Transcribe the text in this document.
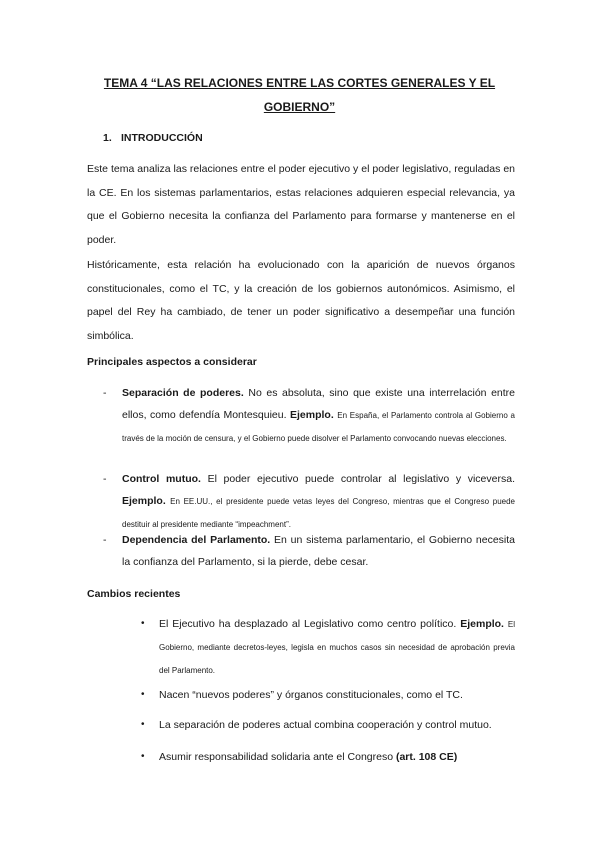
TEMA 4 “LAS RELACIONES ENTRE LAS CORTES GENERALES Y EL
GOBIERNO”
1. INTRODUCCIÓN
Este tema analiza las relaciones entre el poder ejecutivo y el poder legislativo, reguladas en la CE. En los sistemas parlamentarios, estas relaciones adquieren especial relevancia, ya que el Gobierno necesita la confianza del Parlamento para formarse y mantenerse en el poder.
Históricamente, esta relación ha evolucionado con la aparición de nuevos órganos constitucionales, como el TC, y la creación de los gobiernos autonómicos. Asimismo, el papel del Rey ha cambiado, de tener un poder significativo a desempeñar una función simbólica.
Principales aspectos a considerar
- Separación de poderes. No es absoluta, sino que existe una interrelación entre ellos, como defendía Montesquieu. Ejemplo. En España, el Parlamento controla al Gobierno a través de la moción de censura, y el Gobierno puede disolver el Parlamento convocando nuevas elecciones.
- Control mutuo. El poder ejecutivo puede controlar al legislativo y viceversa. Ejemplo. En EE.UU., el presidente puede vetas leyes del Congreso, mientras que el Congreso puede destituir al presidente mediante “impeachment”.
- Dependencia del Parlamento. En un sistema parlamentario, el Gobierno necesita la confianza del Parlamento, si la pierde, debe cesar.
Cambios recientes
• El Ejecutivo ha desplazado al Legislativo como centro político. Ejemplo. El Gobierno, mediante decretos-leyes, legisla en muchos casos sin necesidad de aprobación previa del Parlamento.
• Nacen “nuevos poderes” y órganos constitucionales, como el TC.
• La separación de poderes actual combina cooperación y control mutuo.
• Asumir responsabilidad solidaria ante el Congreso (art. 108 CE)
